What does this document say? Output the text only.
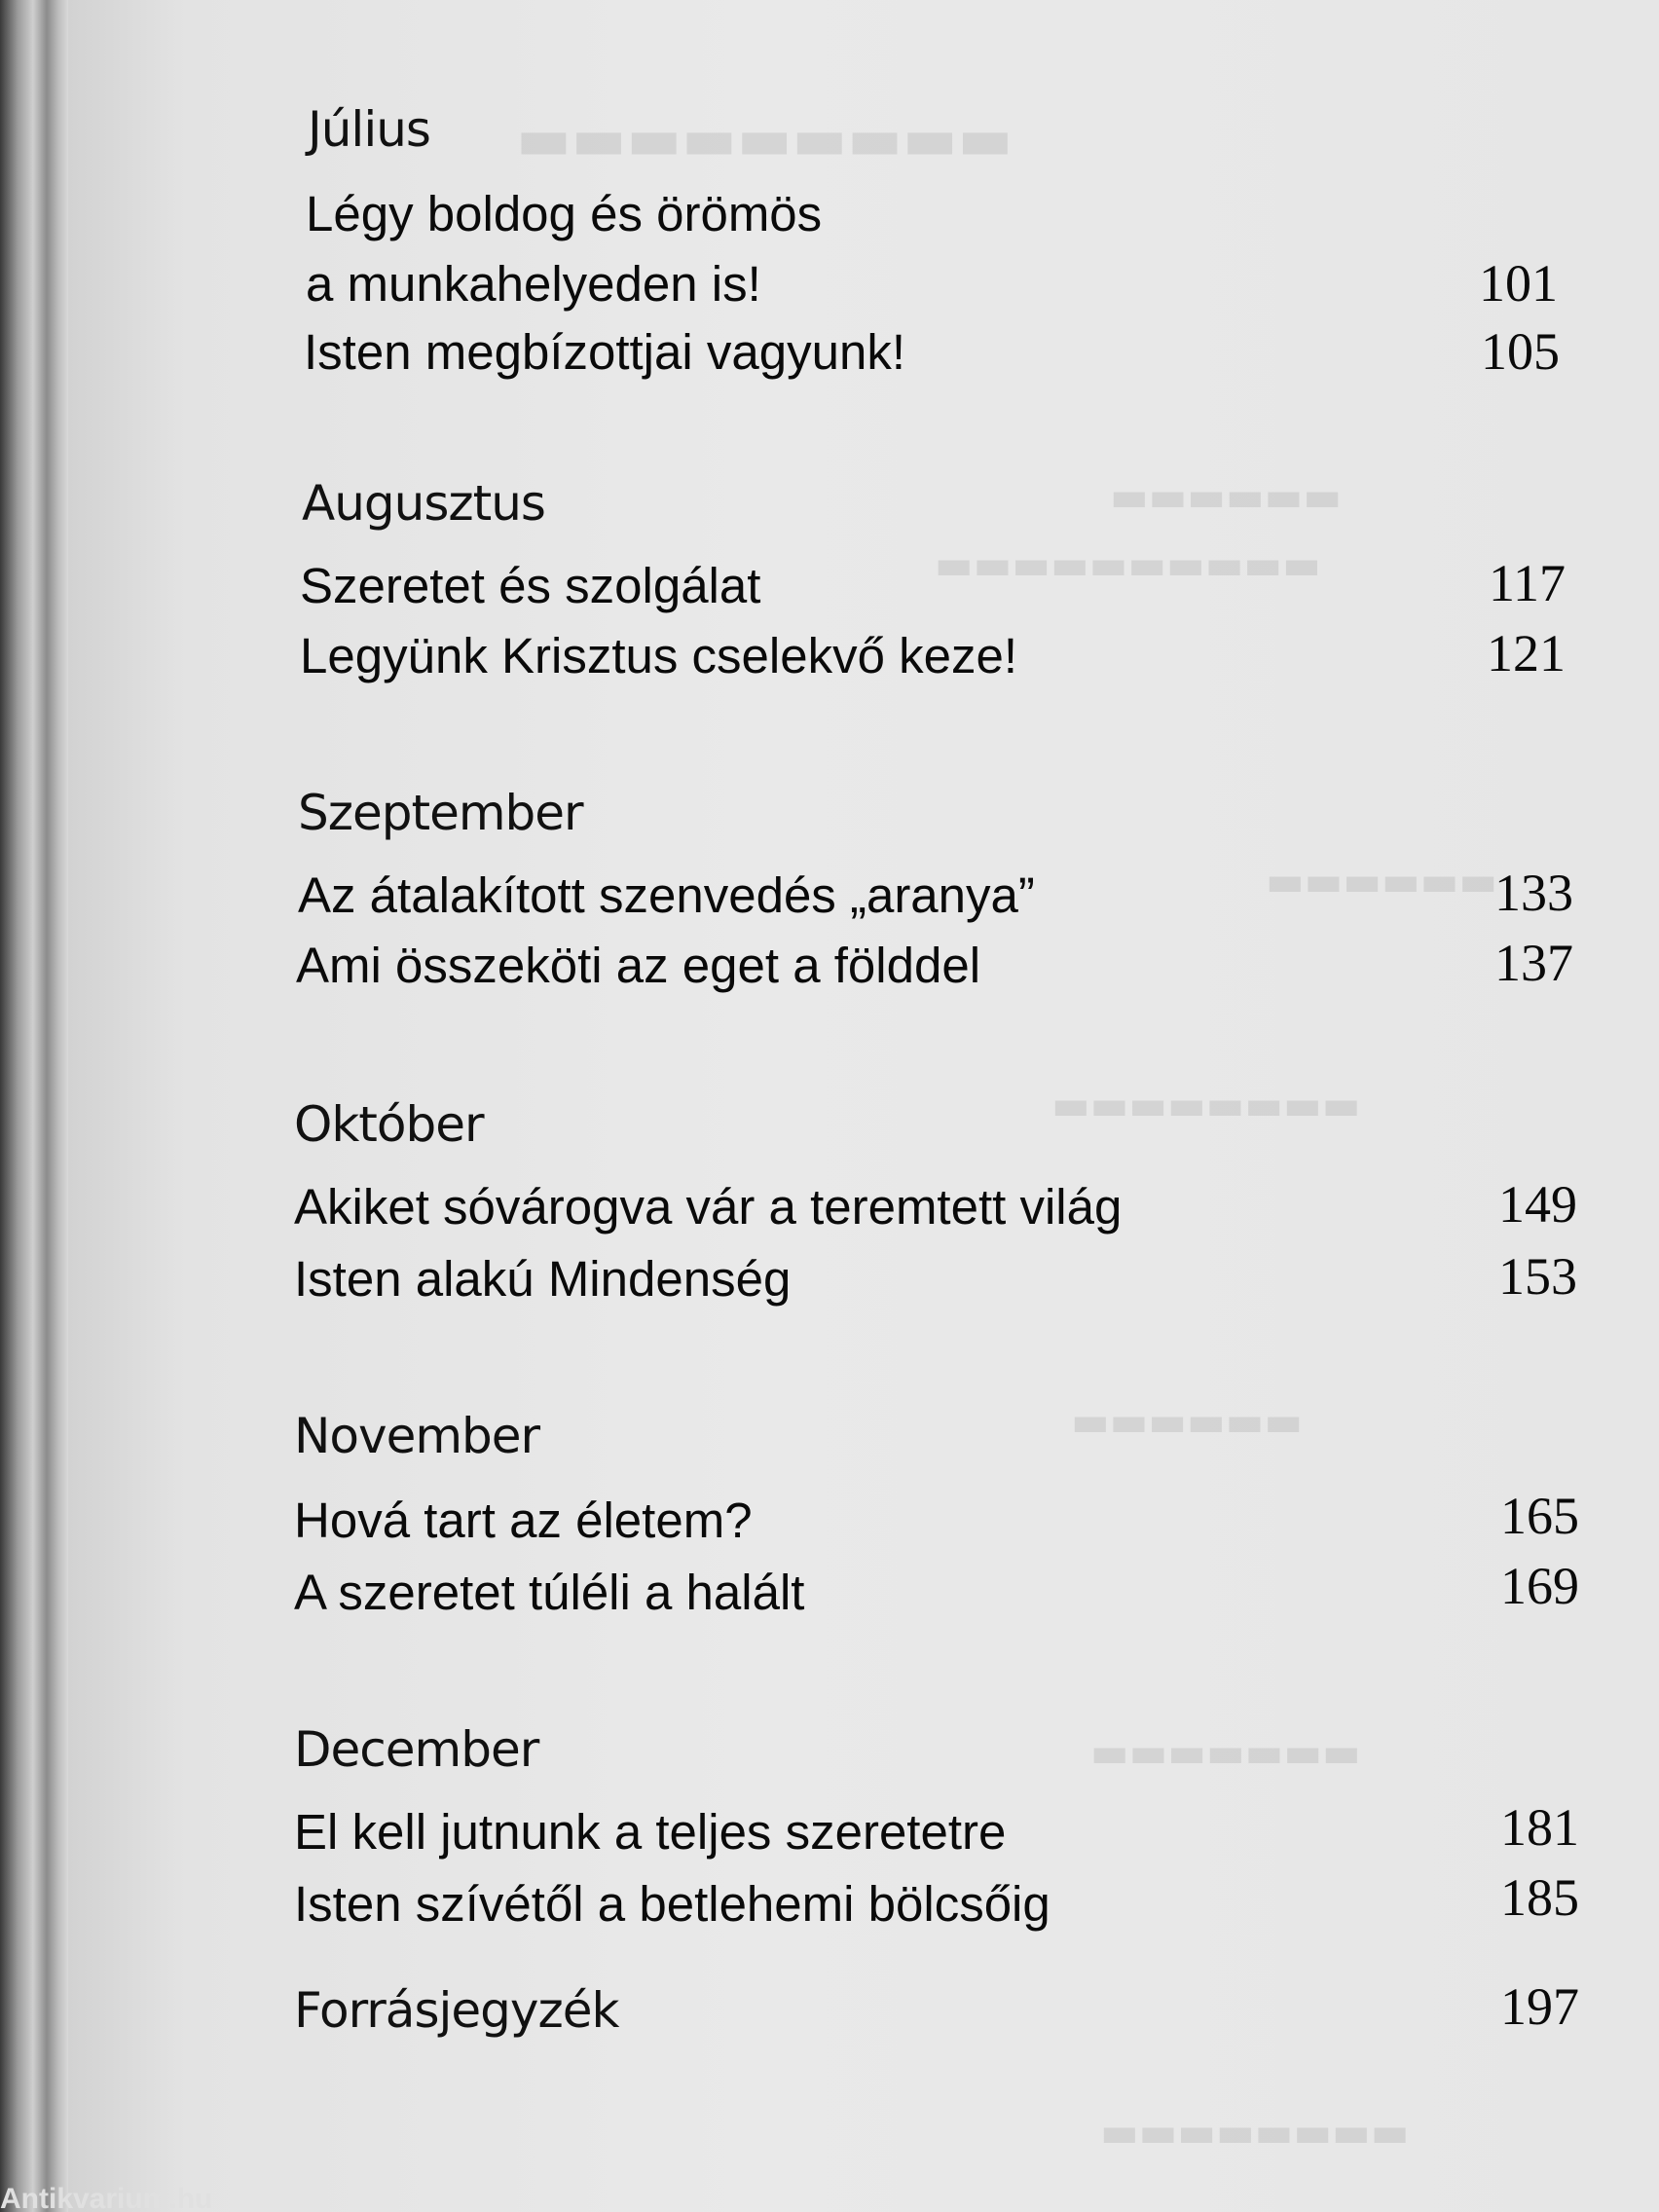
▬▬▬▬▬▬▬▬▬
▬▬▬▬▬▬
▬▬▬▬▬▬▬▬▬▬
▬▬▬▬▬▬
▬▬▬▬▬▬▬▬
▬▬▬▬▬▬
▬▬▬▬▬▬▬
▬▬▬▬▬▬▬▬
Július
Légy boldog és örömös
a munkahelyeden is!	101
Isten megbízottjai vagyunk!	105
Augusztus
Szeretet és szolgálat	117
Legyünk Krisztus cselekvő keze!	121
Szeptember
Az átalakított szenvedés „aranya”	133
Ami összeköti az eget a földdel	137
Október
Akiket sóvárogva vár a teremtett világ	149
Isten alakú Mindenség	153
November
Hová tart az életem?	165
A szeretet túléli a halált	169
December
El kell jutnunk a teljes szeretetre	181
Isten szívétől a betlehemi bölcsőig	185
Forrásjegyzék	197
Antikvarium.hu
